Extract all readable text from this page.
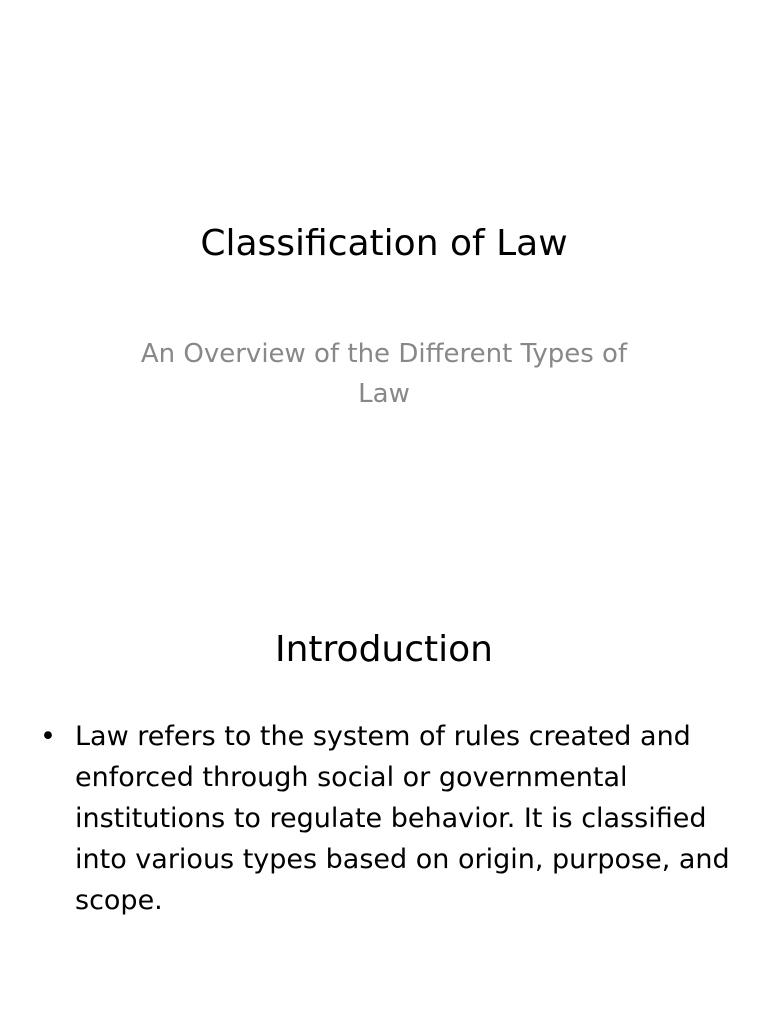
Classification of Law
An Overview of the Different Types of Law
Introduction
• Law refers to the system of rules created and enforced through social or governmental institutions to regulate behavior. It is classified into various types based on origin, purpose, and scope.
